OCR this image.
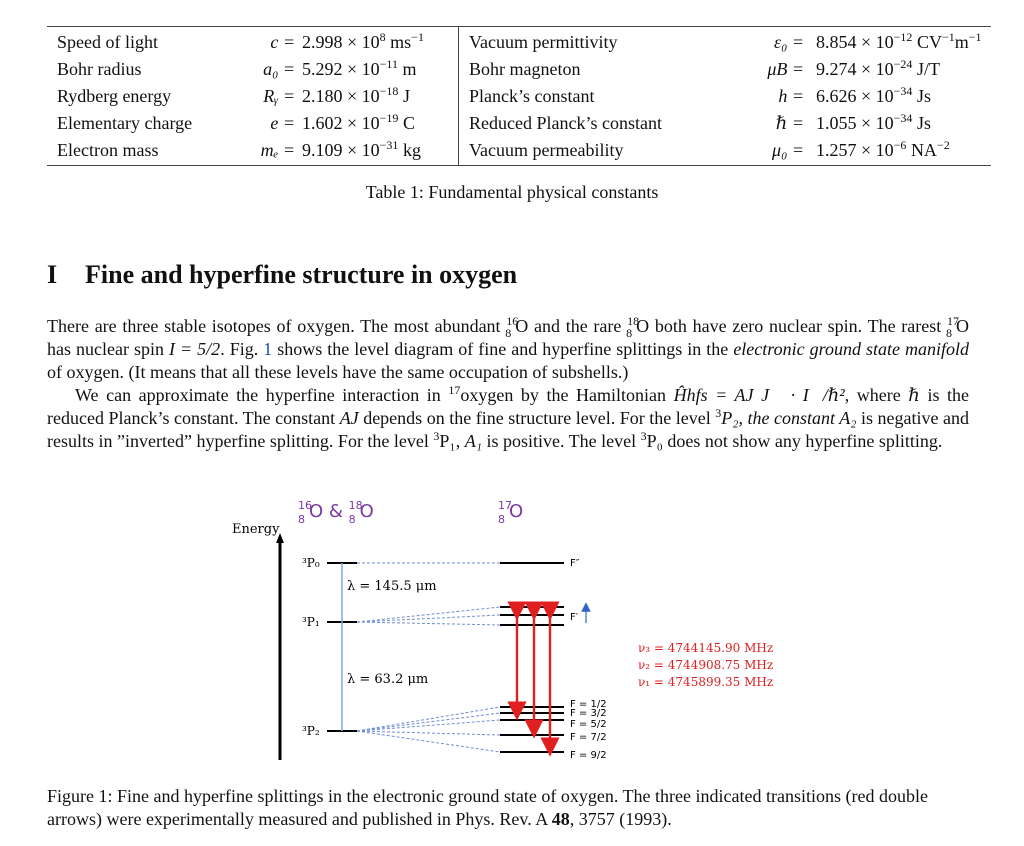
Speed of light	$c = 2.998 \times 10^8$ $ms^{-1}$
Bohr radius	$a_0 = 5.292 \times 10^{-11}$ m
Rydberg energy	Rᵧ = $2.180 \times 10^{-18}$ J
Elementary charge	$e = 1.602 \times 10^{-19}$ C
Electron mass	$m_e = 9.109 \times 10^{-31}$ kg
Vacuum permittivity	$\varepsilon_0 = 8.854 \times 10^{-12}$ $CV^{-1}m^{-1}$
Bohr magneton	$\mu B = 9.274 \times 10^{-24}$ J/T
Planck’s constant	$h = 6.626 \times 10^{-34}$ Js
Reduced Planck’s constant	ℏ = $1.055 \times 10^{-34}$ Js
Vacuum permeability	$\mu_0 = 1.257 \times 10^{-6}$ $NA^{-2}$
Table 1: Fundamental physical constants
I Fine and hyperfine structure in oxygen
There are three stable isotopes of oxygen. The most abundant $^{16}_8$ O and the rare $^{18}_8$ O both have zero nuclear spin. The rarest $^{17}_8$ O has nuclear spin I = 5/2. Fig. 1 shows the level diagram of fine and hyperfine splittings in the electronic ground state manifold of oxygen. (It means that all these levels have the same occupation of subshells.)
We can approximate the hyperfine interaction in $^{17}$oxygen by the Hamiltonian Ĥhfs = AJ J⃗ · I⃗/ℏ², where ℏ is the reduced Planck’s constant. The constant AJ depends on the fine structure level. For the level $^3$P₂, the constant A₂ is negative and results in ”inverted” hyperfine splitting. For the level $^3$P₁, A₁ is positive. The level $^3$P₀ does not show any hyperfine splitting.
$^{16}$ 8 O & $^{18}$ 8 O	$^{17}$ 8 O
Energy
³P₀
³P₁
³P₂
λ = 145.5 μm
λ = 63.2 μm
F″
F′
F = 1/2
F = 3/2
F = 5/2
F = 7/2
F = 9/2
ν₃ = 4744145.90 MHz
ν₂ = 4744908.75 MHz
ν₁ = 4745899.35 MHz
Figure 1: Fine and hyperfine splittings in the electronic ground state of oxygen. The three indicated transitions (red double arrows) were experimentally measured and published in Phys. Rev. A 48, 3757 (1993).
